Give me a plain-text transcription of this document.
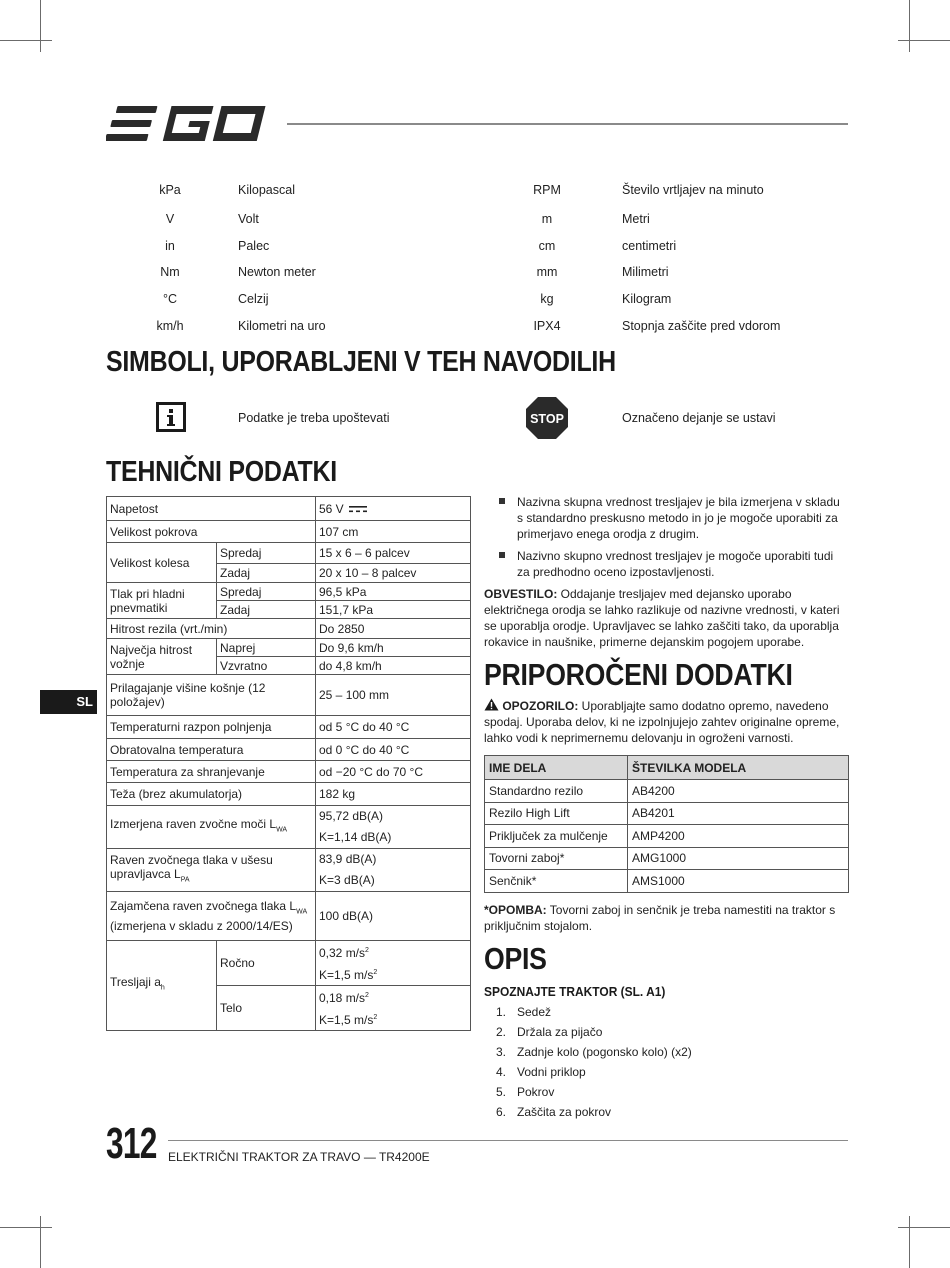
kPa	Kilopascal	RPM	Število vrtljajev na minuto
V	Volt	m	Metri
in	Palec	cm	centimetri
Nm	Newton meter	mm	Milimetri
°C	Celzij	kg	Kilogram
km/h	Kilometri na uro	IPX4	Stopnja zaščite pred vdorom
SIMBOLI, UPORABLJENI V TEH NAVODILIH
Podatke je treba upoštevati	STOP	Označeno dejanje se ustavi
TEHNIČNI PODATKI
Napetost		56 V
Velikost pokrova		107 cm
Velikost kolesa	Spredaj	15 x 6 – 6 palcev
	Zadaj	20 x 10 – 8 palcev
Tlak pri hladni pnevmatiki	Spredaj	96,5 kPa
	Zadaj	151,7 kPa
Hitrost rezila (vrt./min)		Do 2850
Največja hitrost vožnje	Naprej	Do 9,6 km/h
	Vzvratno	do 4,8 km/h
Prilagajanje višine košnje (12 položajev)		25 – 100 mm
Temperaturni razpon polnjenja		od 5 °C do 40 °C
Obratovalna temperatura		od 0 °C do 40 °C
Temperatura za shranjevanje		od −20 °C do 70 °C
Teža (brez akumulatorja)		182 kg
Izmerjena raven zvočne moči $L_{WA}$		95,72 dB(A)
K=1,14 dB(A)

Raven zvočnega tlaka v ušesu upravljavca $L_{PA}$		83,9 dB(A)
K=3 dB(A)

Zajamčena raven zvočnega tlaka $L_{WA}$
(izmerjena v skladu z 2000/14/ES)		100 dB(A)
Tresljaji $a_h$	Ročno	0,32 $m/s^2$
K=1,5 $m/s^2$

	Telo	0,18 $m/s^2$
K=1,5 $m/s^2$
SL
Nazivna skupna vrednost tresljajev je bila izmerjena v skladu s standardno preskusno metodo in jo je mogoče uporabiti za primerjavo enega orodja z drugim.
Nazivno skupno vrednost tresljajev je mogoče uporabiti tudi za predhodno oceno izpostavljenosti.
OBVESTILO: Oddajanje tresljajev med dejansko uporabo električnega orodja se lahko razlikuje od nazivne vrednosti, v kateri se uporablja orodje. Upravljavec se lahko zaščiti tako, da uporablja rokavice in naušnike, primerne dejanskim pogojem uporabe.
PRIPOROČENI DODATKI
OPOZORILO: Uporabljajte samo dodatno opremo, navedeno spodaj. Uporaba delov, ki ne izpolnjujejo zahtev originalne opreme, lahko vodi k neprimernemu delovanju in ogroženi varnosti.
IME DELA	ŠTEVILKA MODELA
Standardno rezilo	AB4200
Rezilo High Lift	AB4201
Priključek za mulčenje	AMP4200
Tovorni zaboj*	AMG1000
Senčnik*	AMS1000
*OPOMBA: Tovorni zaboj in senčnik je treba namestiti na traktor s priključnim stojalom.
OPIS
SPOZNAJTE TRAKTOR (SL. A1)
1. Sedež
2. Držala za pijačo
3. Zadnje kolo (pogonsko kolo) (x2)
4. Vodni priklop
5. Pokrov
6. Zaščita za pokrov
312 ELEKTRIČNI TRAKTOR ZA TRAVO — TR4200E
